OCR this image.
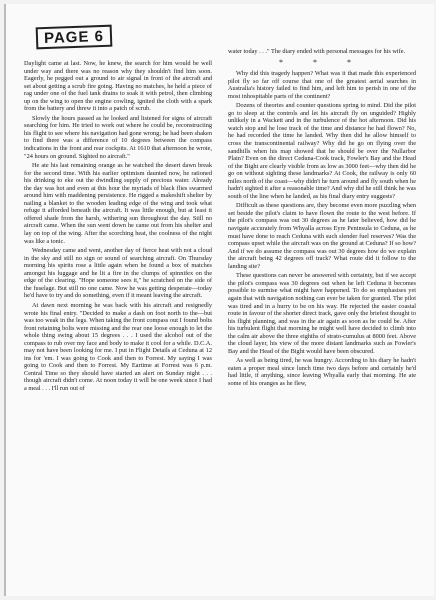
PAGE 6

Daylight came at last. Now, he knew, the search for him would be well under way and there was no reason why they shouldn't find him soon. Eagerly, he pegged out a ground to air signal in front of the aircraft and set about getting a scrub fire going. Having no matches, he held a piece of rag under one of the fuel tank drains to soak it with petrol, then climbing up on the wing to open the engine cowling, ignited the cloth with a spark from the battery and threw it into a patch of scrub.

Slowly the hours passed as he looked and listened for signs of aircraft searching for him. He tried to work out where he could be, reconstructing his flight to see where his navigation had gone wrong; he had been shaken to find there was a difference of 10 degrees between the compass indications in the front and rear cockpits. At 1610 that afternoon he wrote, "24 hours on ground. Sighted no aircraft."

He ate his last remaining orange as he watched the desert dawn break for the second time. With his earlier optimism daunted now, he rationed his drinking to eke out the dwindling supply of precious water. Already the day was hot and even at this hour the myriads of black flies swarmed around him with maddening persistence. He rigged a makeshift shelter by nailing a blanket to the wooden leading edge of the wing and took what refuge it afforded beneath the aircraft. It was little enough, but at least it offered shade from the harsh, withering sun throughout the day. Still no aircraft came. When the sun went down he came out from his shelter and lay on top of the wing. After the scorching heat, the coolness of the night was like a tonic.

Wednesday came and went, another day of fierce heat with not a cloud in the sky and still no sign or sound of searching aircraft. On Thursday morning his spirits rose a little again when he found a box of matches amongst his luggage and he lit a fire in the clumps of spinnifex on the edge of the clearing. "Hope someone sees it," he scratched on the side of the fuselage. But still no one came. Now he was getting desperate—today he'd have to try and do something, even if it meant leaving the aircraft.

At dawn next morning he was back with his aircraft and resignedly wrote his final entry. "Decided to make a dash on foot north to the—but was too weak in the legs. When taking the front compass out I found bolts front retaining bolts were missing and the rear one loose enough to let the whole thing swing about 15 degrees . . . I used the alcohol out of the compass to rub over my face and body to make it cool for a while. D.C.A. may not have been looking for me. I put in Flight Details at Ceduna at 12 ins for 'em. I was going to Cook and then to Forrest. My saying I was going to Cook and then to Forrest. My Eartime at Forrest was 6 p.m. Central Time so they should have started an alert on Sunday night . . . though aircraft didn't come. At noon today it will be one week since I had a meal . . . I'll run out of

water today . . ." The diary ended with personal messages for his wife.

* * *

Why did this tragedy happen? What was it that made this experienced pilot fly so far off course that one of the greatest aerial searches in Australia's history failed to find him, and left him to perish in one of the most inhospitable parts of the continent?

Dozens of theories and counter questions spring to mind. Did the pilot go to sleep at the controls and let his aircraft fly on unguided? Highly unlikely in a Wackett and in the turbulence of the hot afternoon. Did his watch stop and he lose track of the time and distance he had flown? No, he had recorded the time he landed. Why then did he allow himself to cross the transcontinental railway? Why did he go on flying over the sandhills when his map showed that he should be over the Nullarbor Plain? Even on the direct Ceduna-Cook track, Fowler's Bay and the Head of the Bight are clearly visible from as low as 3000 feet—why then did he go on without sighting these landmarks? At Cook, the railway is only 60 miles north of the coast—why didn't he turn around and fly south when he hadn't sighted it after a reasonable time? And why did he still think he was south of the line when he landed, as his final diary entry suggests?

Difficult as these questions are, they become even more puzzling when set beside the pilot's claim to have flown the route to the west before. If the pilot's compass was out 30 degrees as he later believed, how did he navigate accurately from Whyalla across Eyre Peninsula to Ceduna, as he must have done to reach Ceduna with such slender fuel reserves? Was the compass upset while the aircraft was on the ground at Ceduna? If so how? And if we do assume the compass was out 30 degrees how do we explain the aircraft being 42 degrees off track? What route did it follow to the landing site?

These questions can never be answered with certainty, but if we accept the pilot's compass was 30 degrees out when he left Ceduna it becomes possible to surmise what might have happened. To do so emphasises yet again that with navigation nothing can ever be taken for granted. The pilot was tired and in a hurry to be on his way. He rejected the easier coastal route in favour of the shorter direct track, gave only the briefest thought to his flight planning, and was in the air again as soon as he could be. After his turbulent flight that morning he might well have decided to climb into the calm air above the three eighths of strato-cumulus at 8000 feet. Above the cloud layer, his view of the more distant landmarks such as Fowler's Bay and the Head of the Bight would have been obscured.

As well as being tired, he was hungry. According to his diary he hadn't eaten a proper meal since lunch time two days before and certainly he'd had little, if anything, since leaving Whyalla early that morning. He ate some of his oranges as he flew,
